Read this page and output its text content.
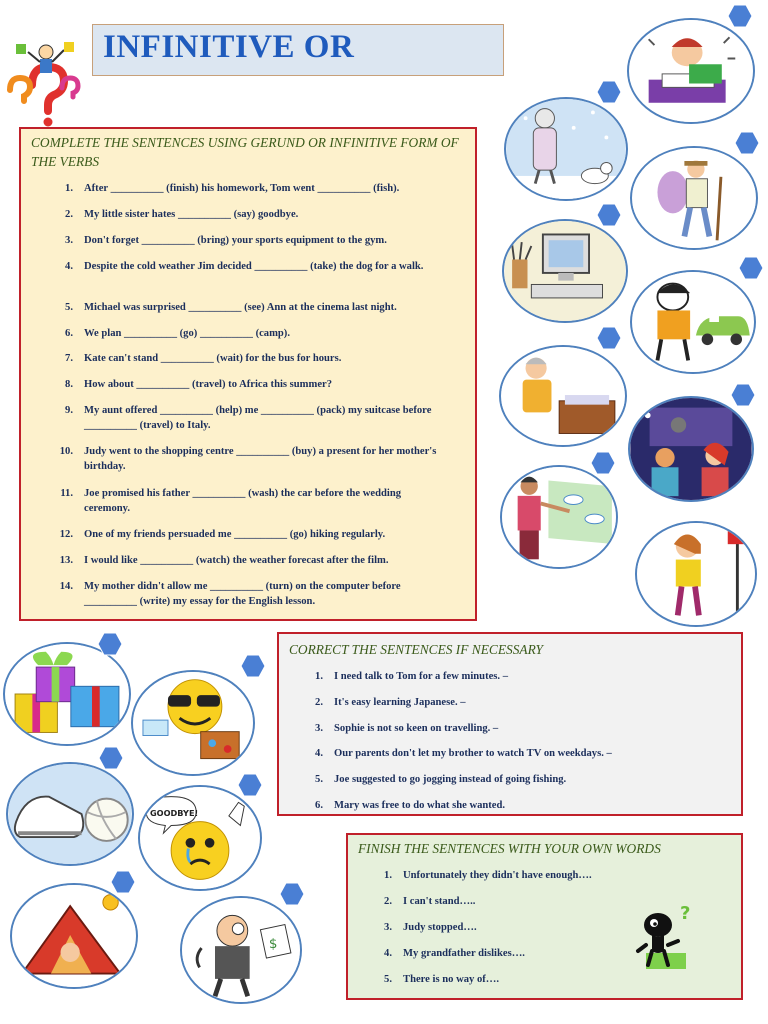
INFINITIVE OR
COMPLETE THE SENTENCES USING GERUND OR INFINITIVE FORM OF THE VERBS
1. After __________ (finish) his homework, Tom went __________ (fish).
2. My little sister hates __________ (say) goodbye.
3. Don't forget __________ (bring) your sports equipment to the gym.
4. Despite the cold weather Jim decided __________ (take) the dog for a walk.
5. Michael was surprised __________ (see) Ann at the cinema last night.
6. We plan __________ (go) __________ (camp).
7. Kate can't stand __________ (wait) for the bus for hours.
8. How about __________ (travel) to Africa this summer?
9. My aunt offered __________ (help) me __________ (pack) my suitcase before __________ (travel) to Italy.
10. Judy went to the shopping centre __________ (buy) a present for her mother's birthday.
11. Joe promised his father __________ (wash) the car before the wedding ceremony.
12. One of my friends persuaded me __________ (go) hiking regularly.
13. I would like __________ (watch) the weather forecast after the film.
14. My mother didn't allow me __________ (turn) on the computer before __________ (write) my essay for the English lesson.
CORRECT THE SENTENCES IF NECESSARY
1. I need talk to Tom for a few minutes. –
2. It's easy learning Japanese. –
3. Sophie is not so keen on travelling. –
4. Our parents don't let my brother to watch TV on weekdays. –
5. Joe suggested to go jogging instead of going fishing.
6. Mary was free to do what she wanted.
FINISH THE SENTENCES WITH YOUR OWN WORDS
1. Unfortunately they didn't have enough….
2. I can't stand…..
3. Judy stopped….
4. My grandfather dislikes….
5. There is no way of….
?
GOODBYE!
$
